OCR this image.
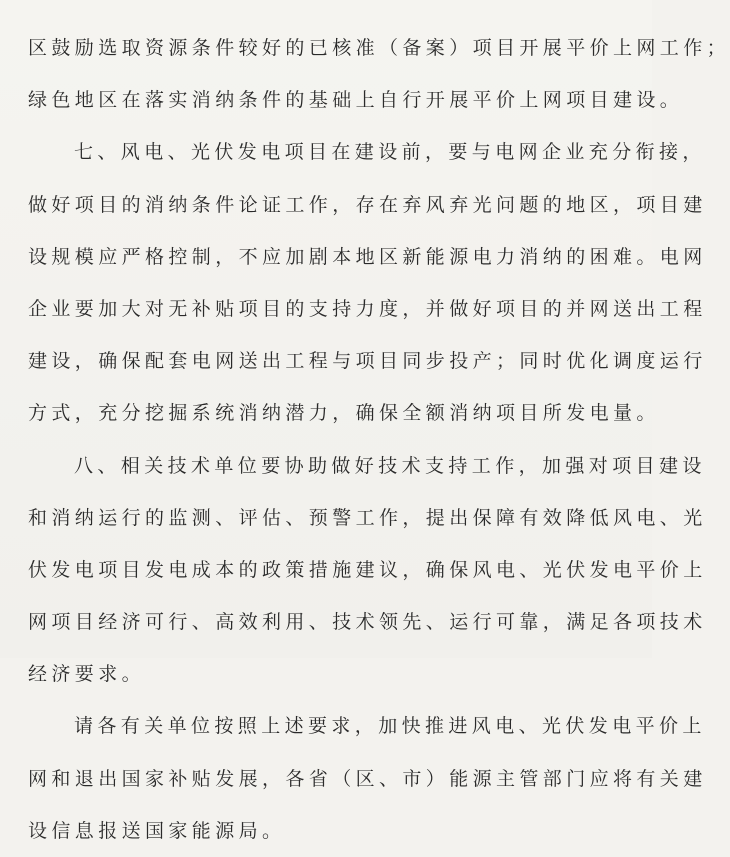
区鼓励选取资源条件较好的已核准（备案）项目开展平价上网工作；
绿色地区在落实消纳条件的基础上自行开展平价上网项目建设。
七、风电、光伏发电项目在建设前，要与电网企业充分衔接，
做好项目的消纳条件论证工作，存在弃风弃光问题的地区，项目建
设规模应严格控制，不应加剧本地区新能源电力消纳的困难。电网
企业要加大对无补贴项目的支持力度，并做好项目的并网送出工程
建设，确保配套电网送出工程与项目同步投产；同时优化调度运行
方式，充分挖掘系统消纳潜力，确保全额消纳项目所发电量。
八、相关技术单位要协助做好技术支持工作，加强对项目建设
和消纳运行的监测、评估、预警工作，提出保障有效降低风电、光
伏发电项目发电成本的政策措施建议，确保风电、光伏发电平价上
网项目经济可行、高效利用、技术领先、运行可靠，满足各项技术
经济要求。
请各有关单位按照上述要求，加快推进风电、光伏发电平价上
网和退出国家补贴发展，各省（区、市）能源主管部门应将有关建
设信息报送国家能源局。
